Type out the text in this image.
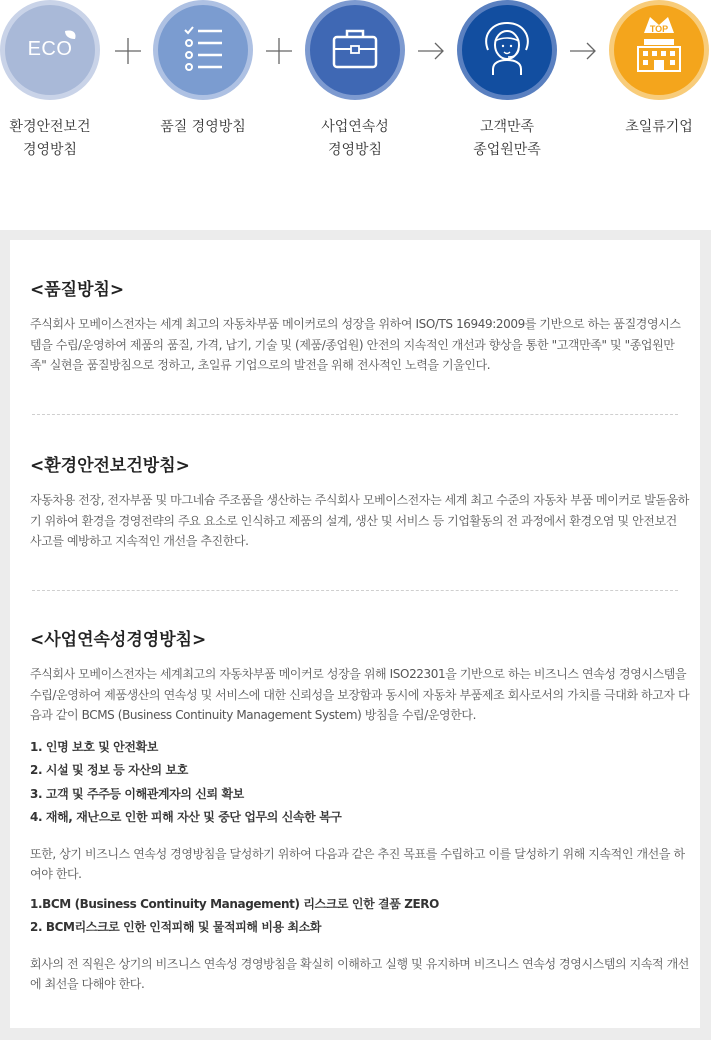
ECO
환경안전보건
경영방침
품질 경영방침	사업연속성
경영방침
고객만족
종업원만족
TOP
초일류기업
<품질방침>
주식회사 모베이스전자는 세계 최고의 자동차부품 메이커로의 성장을 위하여 ISO/TS 16949:2009를 기반으로 하는 품질경영시스템을 수립/운영하여 제품의 품질, 가격, 납기, 기술 및 (제품/종업원) 안전의 지속적인 개선과 향상을 통한 "고객만족" 및 "종업원만족" 실현을 품질방침으로 정하고, 초일류 기업으로의 발전을 위해 전사적인 노력을 기울인다.
<환경안전보건방침>
자동차용 전장, 전자부품 및 마그네슘 주조품을 생산하는 주식회사 모베이스전자는 세계 최고 수준의 자동차 부품 메이커로 발돋움하기 위하여 환경을 경영전략의 주요 요소로 인식하고 제품의 설계, 생산 및 서비스 등 기업활동의 전 과정에서 환경오염 및 안전보건 사고를 예방하고 지속적인 개선을 추진한다.
<사업연속성경영방침>
주식회사 모베이스전자는 세계최고의 자동차부품 메이커로 성장을 위해 ISO22301을 기반으로 하는 비즈니스 연속성 경영시스템을 수립/운영하여 제품생산의 연속성 및 서비스에 대한 신뢰성을 보장함과 동시에 자동차 부품제조 회사로서의 가치를 극대화 하고자 다음과 같이 BCMS (Business Continuity Management System) 방침을 수립/운영한다.
1. 인명 보호 및 안전확보
2. 시설 및 정보 등 자산의 보호
3. 고객 및 주주등 이해관계자의 신뢰 확보
4. 재해, 재난으로 인한 피해 자산 및 중단 업무의 신속한 복구
또한, 상기 비즈니스 연속성 경영방침을 달성하기 위하여 다음과 같은 추진 목표를 수립하고 이를 달성하기 위해 지속적인 개선을 하여야 한다.
1.BCM (Business Continuity Management) 리스크로 인한 결품 ZERO
2. BCM리스크로 인한 인적피해 및 물적피해 비용 최소화
회사의 전 직원은 상기의 비즈니스 연속성 경영방침을 확실히 이해하고 실행 및 유지하며 비즈니스 연속성 경영시스템의 지속적 개선에 최선을 다해야 한다.
